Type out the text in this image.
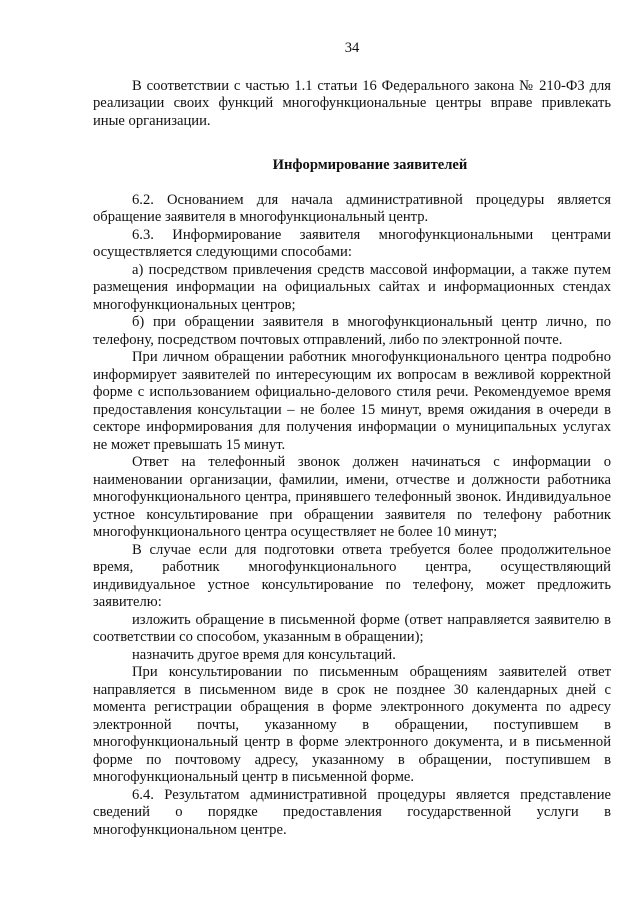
34

В соответствии с частью 1.1 статьи 16 Федерального закона № 210-ФЗ для реализации своих функций многофункциональные центры вправе привлекать иные организации.

Информирование заявителей

6.2. Основанием для начала административной процедуры является обращение заявителя в многофункциональный центр.

6.3. Информирование заявителя многофункциональными центрами осуществляется следующими способами:

а) посредством привлечения средств массовой информации, а также путем размещения информации на официальных сайтах и информационных стендах многофункциональных центров;

б) при обращении заявителя в многофункциональный центр лично, по телефону, посредством почтовых отправлений, либо по электронной почте.

При личном обращении работник многофункционального центра подробно информирует заявителей по интересующим их вопросам в вежливой корректной форме с использованием официально-делового стиля речи. Рекомендуемое время предоставления консультации – не более 15 минут, время ожидания в очереди в секторе информирования для получения информации о муниципальных услугах не может превышать 15 минут.

Ответ на телефонный звонок должен начинаться с информации о наименовании организации, фамилии, имени, отчестве и должности работника многофункционального центра, принявшего телефонный звонок. Индивидуальное устное консультирование при обращении заявителя по телефону работник многофункционального центра осуществляет не более 10 минут;

В случае если для подготовки ответа требуется более продолжительное время, работник многофункционального центра, осуществляющий индивидуальное устное консультирование по телефону, может предложить заявителю:

изложить обращение в письменной форме (ответ направляется заявителю в соответствии со способом, указанным в обращении);

назначить другое время для консультаций.

При консультировании по письменным обращениям заявителей ответ направляется в письменном виде в срок не позднее 30 календарных дней с момента регистрации обращения в форме электронного документа по адресу электронной почты, указанному в обращении, поступившем в многофункциональный центр в форме электронного документа, и в письменной форме по почтовому адресу, указанному в обращении, поступившем в многофункциональный центр в письменной форме.

6.4. Результатом административной процедуры является представление сведений о порядке предоставления государственной услуги в многофункциональном центре.
